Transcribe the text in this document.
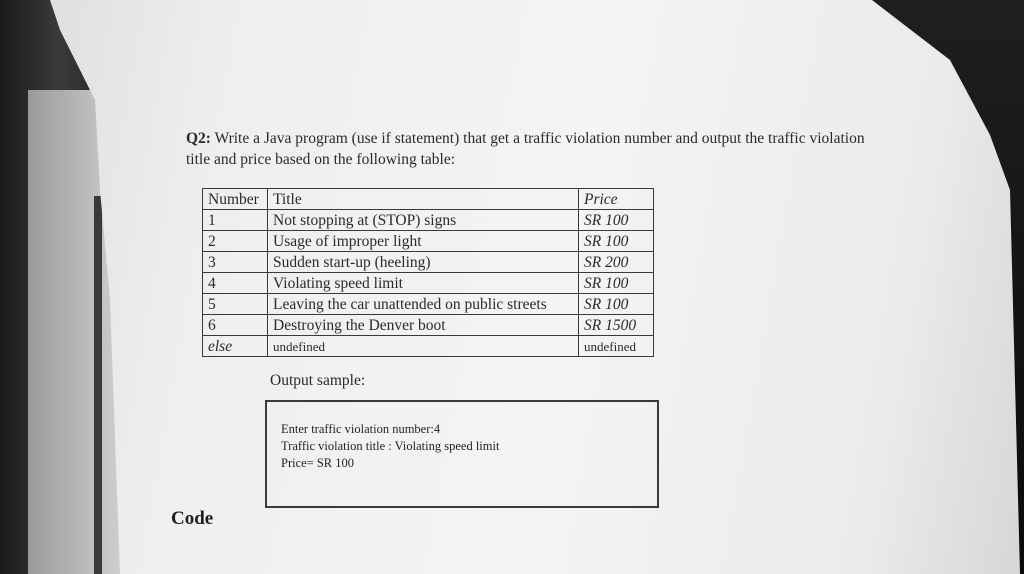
Q2: Write a Java program (use if statement) that get a traffic violation number and output the traffic violation
title and price based on the following table:

Number	Title	Price
1	Not stopping at (STOP) signs	SR 100
2	Usage of improper light	SR 100
3	Sudden start-up (heeling)	SR 200
4	Violating speed limit	SR 100
5	Leaving the car unattended on public streets	SR 100
6	Destroying the Denver boot	SR 1500
else	undefined	undefined
Output sample:
Enter traffic violation number:4
Traffic violation title : Violating speed limit
Price= SR 100
Code
